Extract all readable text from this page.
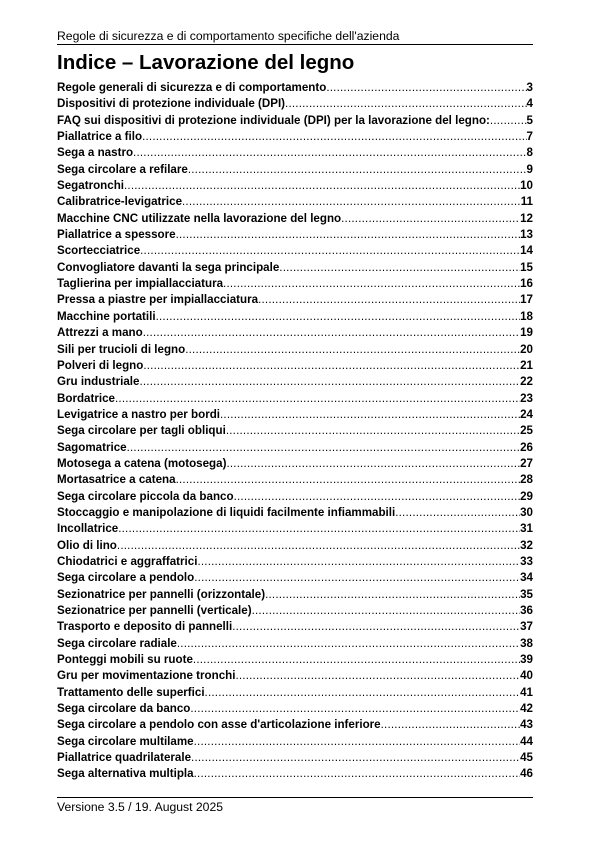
Regole di sicurezza e di comportamento specifiche dell'azienda
Indice – Lavorazione del legno
Regole generali di sicurezza e di comportamento .....	3
Dispositivi di protezione individuale (DPI) .....	4
FAQ sui dispositivi di protezione individuale (DPI) per la lavorazione del legno: .....	5
Piallatrice a filo .....	7
Sega a nastro .....	8
Sega circolare a refilare .....	9
Segatronchi .....	10
Calibratrice-levigatrice .....	11
Macchine CNC utilizzate nella lavorazione del legno .....	12
Piallatrice a spessore .....	13
Scortecciatrice .....	14
Convogliatore davanti la sega principale .....	15
Taglierina per impiallacciatura .....	16
Pressa a piastre per impiallacciatura .....	17
Macchine portatili .....	18
Attrezzi a mano .....	19
Sili per trucioli di legno .....	20
Polveri di legno .....	21
Gru industriale .....	22
Bordatrice .....	23
Levigatrice a nastro per bordi .....	24
Sega circolare per tagli obliqui .....	25
Sagomatrice .....	26
Motosega a catena (motosega) .....	27
Mortasatrice a catena .....	28
Sega circolare piccola da banco .....	29
Stoccaggio e manipolazione di liquidi facilmente infiammabili .....	30
Incollatrice .....	31
Olio di lino .....	32
Chiodatrici e aggraffatrici .....	33
Sega circolare a pendolo .....	34
Sezionatrice per pannelli (orizzontale) .....	35
Sezionatrice per pannelli (verticale) .....	36
Trasporto e deposito di pannelli .....	37
Sega circolare radiale .....	38
Ponteggi mobili su ruote .....	39
Gru per movimentazione tronchi .....	40
Trattamento delle superfici .....	41
Sega circolare da banco .....	42
Sega circolare a pendolo con asse d'articolazione inferiore .....	43
Sega circolare multilame .....	44
Piallatrice quadrilaterale .....	45
Sega alternativa multipla .....	46
Versione 3.5 / 19. August 2025
